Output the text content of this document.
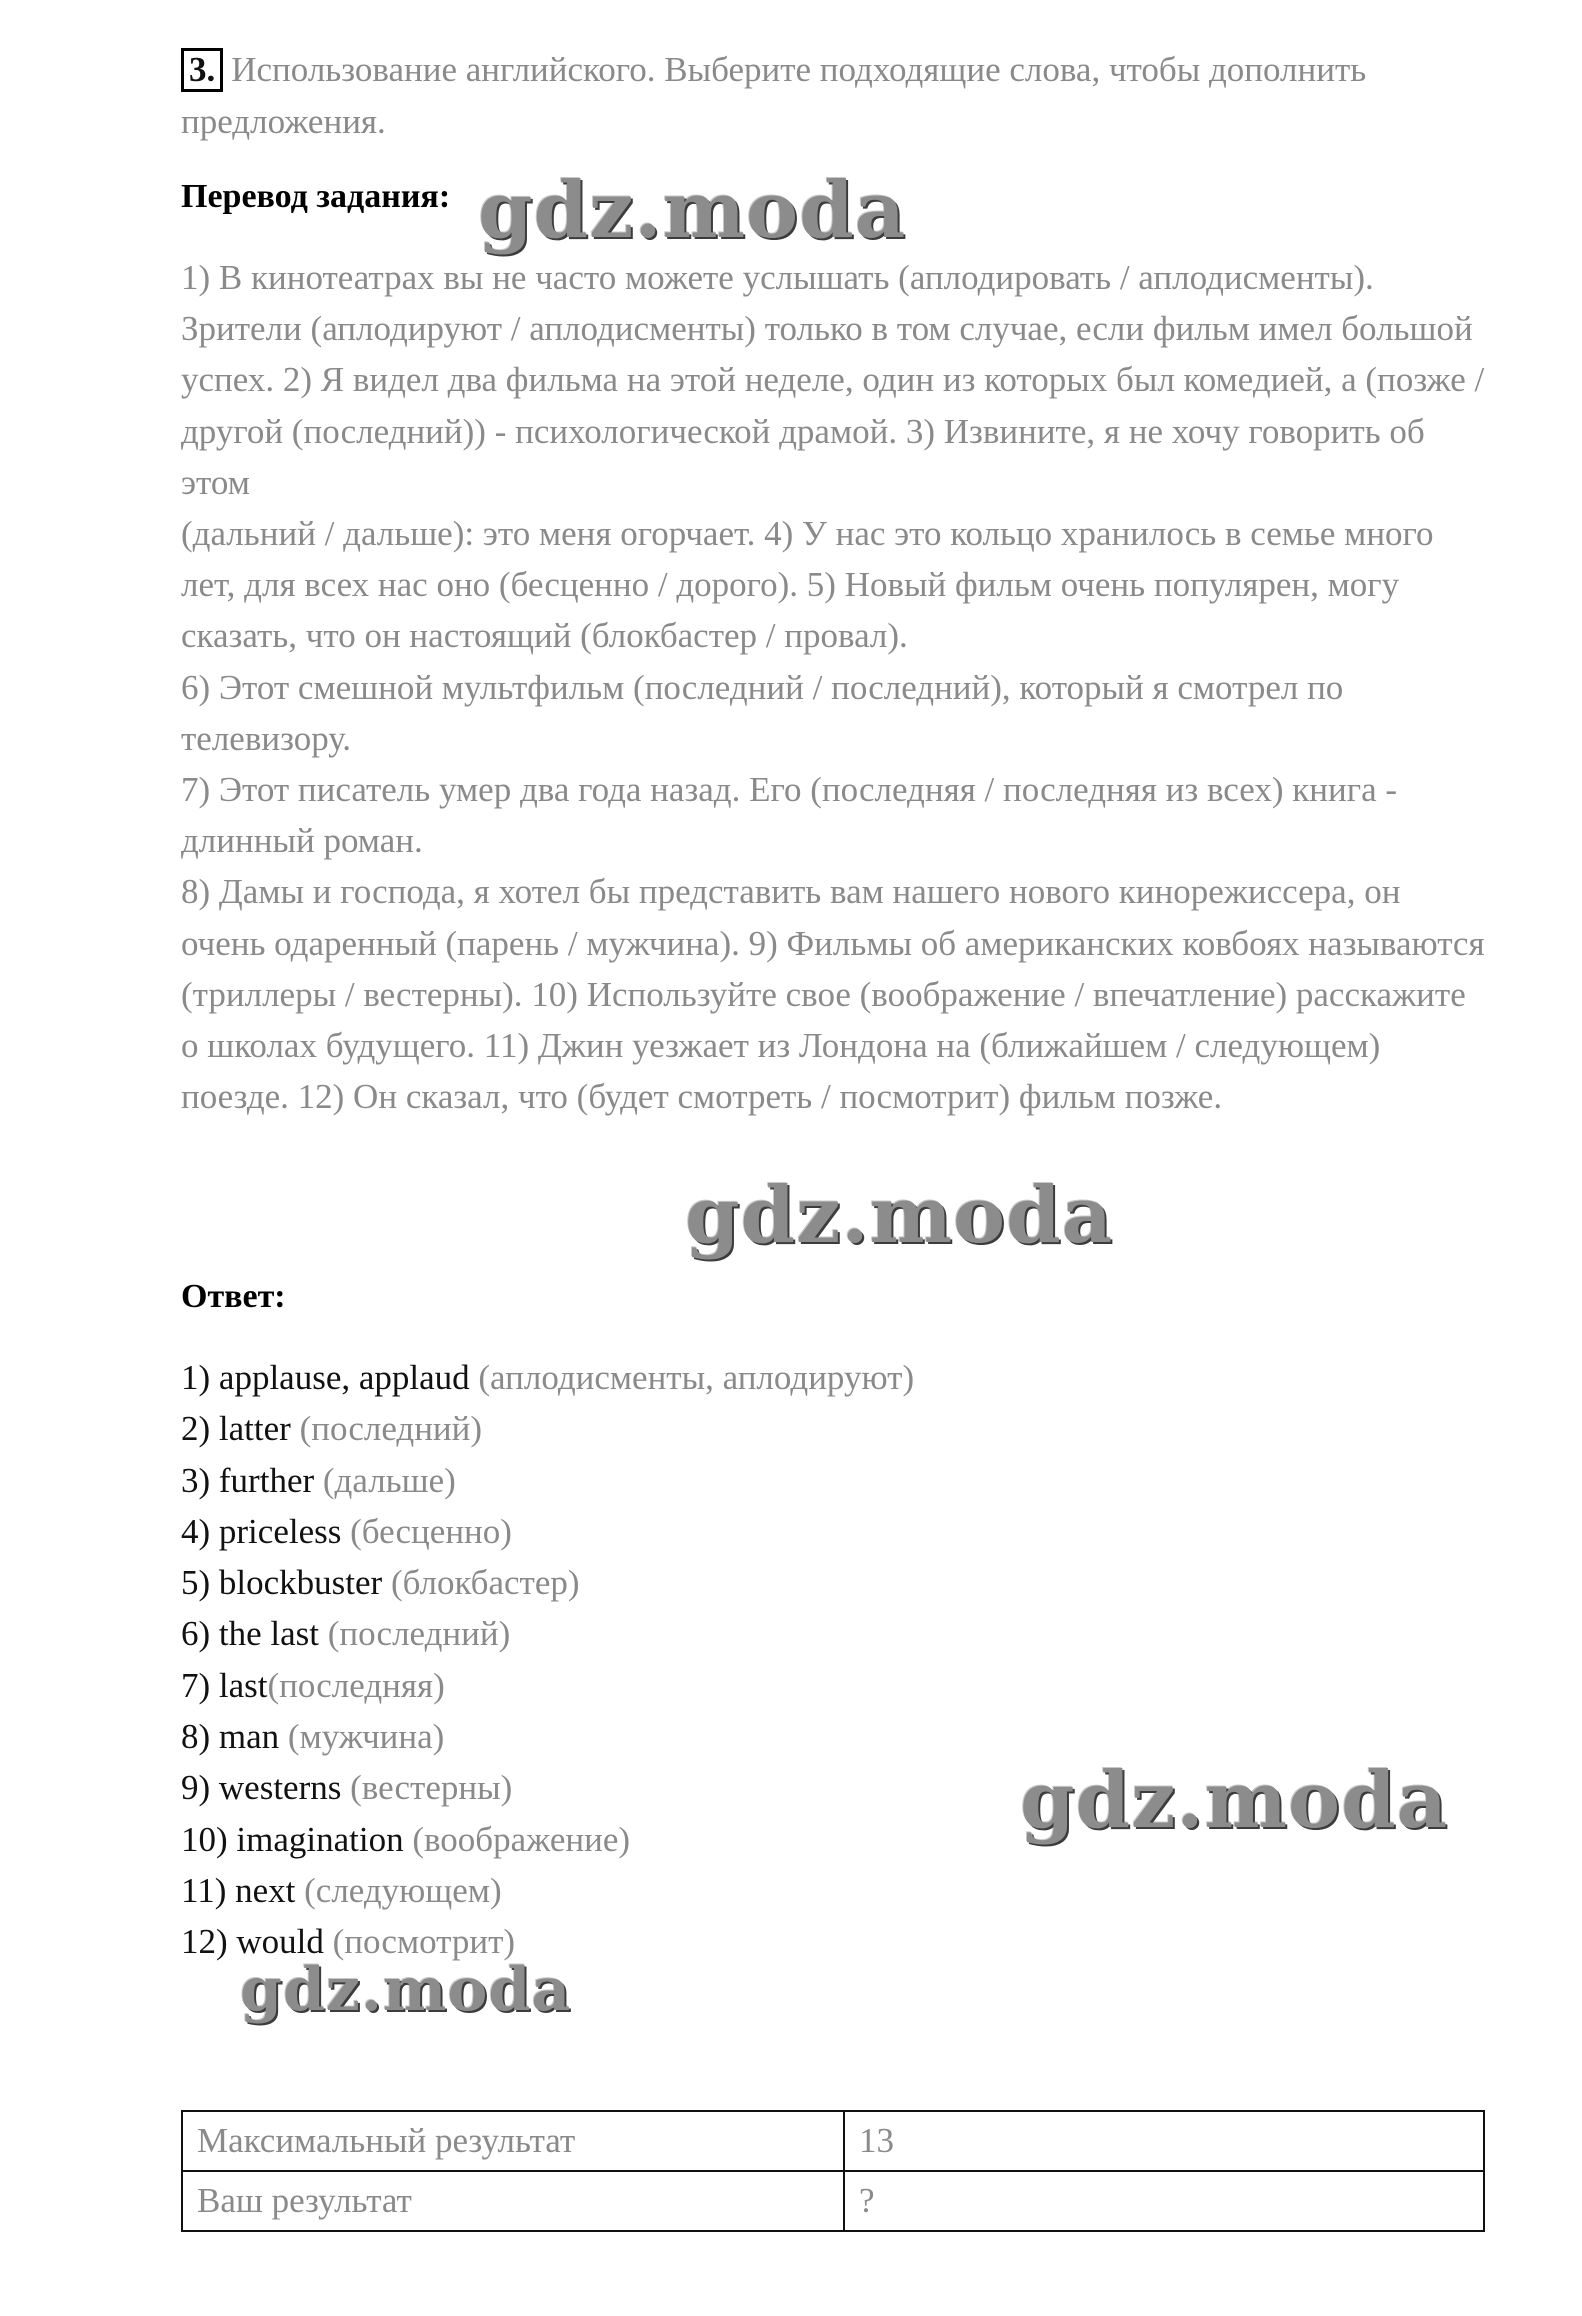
3. Использование английского. Выберите подходящие слова, чтобы дополнить предложения.
Перевод задания:

1) В кинотеатрах вы не часто можете услышать (аплодировать / аплодисменты). Зрители (аплодируют / аплодисменты) только в том случае, если фильм имел большой успех. 2) Я видел два фильма на этой неделе, один из которых был комедией, а (позже / другой (последний)) - психологической драмой. 3) Извините, я не хочу говорить об этом

(дальний / дальше): это меня огорчает. 4) У нас это кольцо хранилось в семье много лет, для всех нас оно (бесценно / дорого). 5) Новый фильм очень популярен, могу сказать, что он настоящий (блокбастер / провал).

6) Этот смешной мультфильм (последний / последний), который я смотрел по телевизору.

7) Этот писатель умер два года назад. Его (последняя / последняя из всех) книга - длинный роман.

8) Дамы и господа, я хотел бы представить вам нашего нового кинорежиссера, он очень одаренный (парень / мужчина). 9) Фильмы об американских ковбоях называются (триллеры / вестерны). 10) Используйте свое (воображение / впечатление) расскажите о школах будущего. 11) Джин уезжает из Лондона на (ближайшем / следующем) поезде. 12) Он сказал, что (будет смотреть / посмотрит) фильм позже.

Ответ:
1) applause, applaud (аплодисменты, аплодируют)
2) latter (последний)
3) further (дальше)
4) priceless (бесценно)
5) blockbuster (блокбастер)
6) the last (последний)
7) last(последняя)
8) man (мужчина)
9) westerns (вестерны)
10) imagination (воображение)
11) next (следующем)
12) would (посмотрит)
Максимальный результат	13
Ваш результат	?
gdz.moda
gdz.moda
gdz.moda
gdz.moda
